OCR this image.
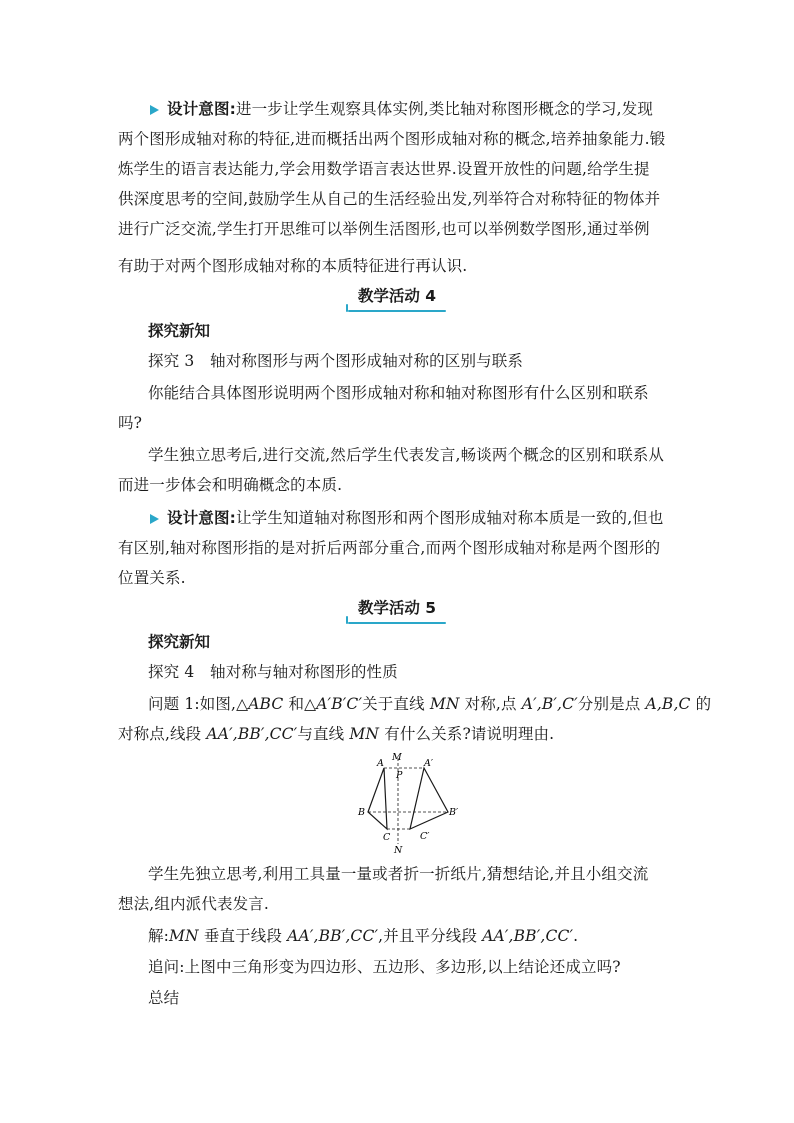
设计意图:进一步让学生观察具体实例,类比轴对称图形概念的学习,发现
两个图形成轴对称的特征,进而概括出两个图形成轴对称的概念,培养抽象能力.锻
炼学生的语言表达能力,学会用数学语言表达世界.设置开放性的问题,给学生提
供深度思考的空间,鼓励学生从自己的生活经验出发,列举符合对称特征的物体并
进行广泛交流,学生打开思维可以举例生活图形,也可以举例数学图形,通过举例
有助于对两个图形成轴对称的本质特征进行再认识.
教学活动 4
探究新知
探究 3　轴对称图形与两个图形成轴对称的区别与联系
你能结合具体图形说明两个图形成轴对称和轴对称图形有什么区别和联系
吗?
学生独立思考后,进行交流,然后学生代表发言,畅谈两个概念的区别和联系从
而进一步体会和明确概念的本质.
设计意图:让学生知道轴对称图形和两个图形成轴对称本质是一致的,但也
有区别,轴对称图形指的是对折后两部分重合,而两个图形成轴对称是两个图形的
位置关系.
教学活动 5
探究新知
探究 4　轴对称与轴对称图形的性质
问题 1:如图,△ABC 和△A′B′C′关于直线 MN 对称,点 A′,B′,C′分别是点 A,B,C 的
对称点,线段 AA′,BB′,CC′与直线 MN 有什么关系?请说明理由.
A	A′
M
P
B	B′
C	C′
N
学生先独立思考,利用工具量一量或者折一折纸片,猜想结论,并且小组交流
想法,组内派代表发言.
解:MN 垂直于线段 AA′,BB′,CC′,并且平分线段 AA′,BB′,CC′.
追问:上图中三角形变为四边形、五边形、多边形,以上结论还成立吗?
总结
